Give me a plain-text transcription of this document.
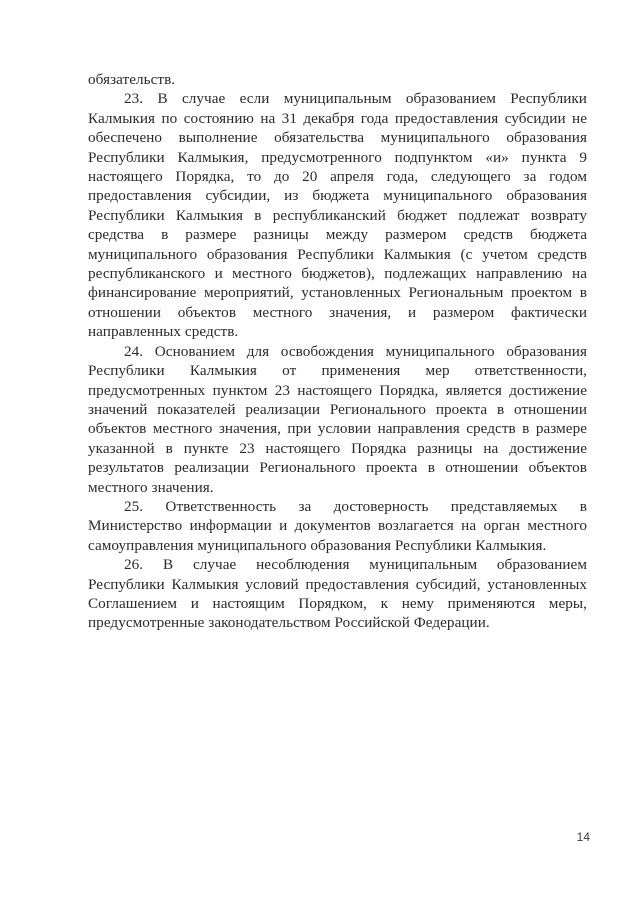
обязательств.

23. В случае если муниципальным образованием Республики Калмыкия по состоянию на 31 декабря года предоставления субсидии не обеспечено выполнение обязательства муниципального образования Республики Калмыкия, предусмотренного подпунктом «и» пункта 9 настоящего Порядка, то до 20 апреля года, следующего за годом предоставления субсидии, из бюджета муниципального образования Республики Калмыкия в республиканский бюджет подлежат возврату средства в размере разницы между размером средств бюджета муниципального образования Республики Калмыкия (с учетом средств республиканского и местного бюджетов), подлежащих направлению на финансирование мероприятий, установленных Региональным проектом в отношении объектов местного значения, и размером фактически направленных средств.

24. Основанием для освобождения муниципального образования Республики Калмыкия от применения мер ответственности, предусмотренных пунктом 23 настоящего Порядка, является достижение значений показателей реализации Регионального проекта в отношении объектов местного значения, при условии направления средств в размере указанной в пункте 23 настоящего Порядка разницы на достижение результатов реализации Регионального проекта в отношении объектов местного значения.

25. Ответственность за достоверность представляемых в Министерство информации и документов возлагается на орган местного самоуправления муниципального образования Республики Калмыкия.

26. В случае несоблюдения муниципальным образованием Республики Калмыкия условий предоставления субсидий, установленных Соглашением и настоящим Порядком, к нему применяются меры, предусмотренные законодательством Российской Федерации.

14
